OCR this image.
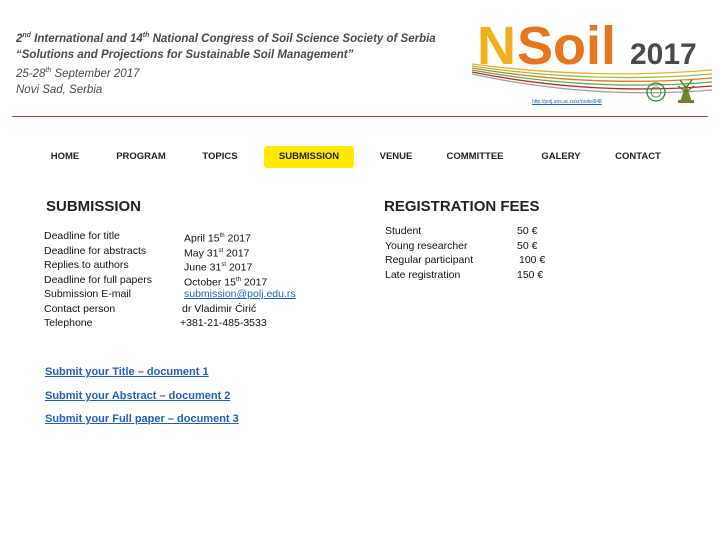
2nd International and 14th National Congress of Soil Science Society of Serbia
“Solutions and Projections for Sustainable Soil Management”
25-28th September 2017
Novi Sad, Serbia
N Soil 2017
http://polj.uns.ac.rs/sr/node/848
HOME	PROGRAM	TOPICS	SUBMISSION	VENUE	COMMITTEE	GALERY	CONTACT
SUBMISSION
Deadline for title	April 15th 2017
Deadline for abstracts	May 31st 2017
Replies to authors	June 31st 2017
Deadline for full papers	October 15th 2017
Submission E-mail	submission@polj.edu.rs
Contact person	dr Vladimir Ćirić
Telephone	+381-21-485-3533
REGISTRATION FEES
Student	50 €
Young researcher	50 €
Regular participant	100 €
Late registration	150 €
Submit your Title – document 1
Submit your Abstract – document 2
Submit your Full paper – document 3
